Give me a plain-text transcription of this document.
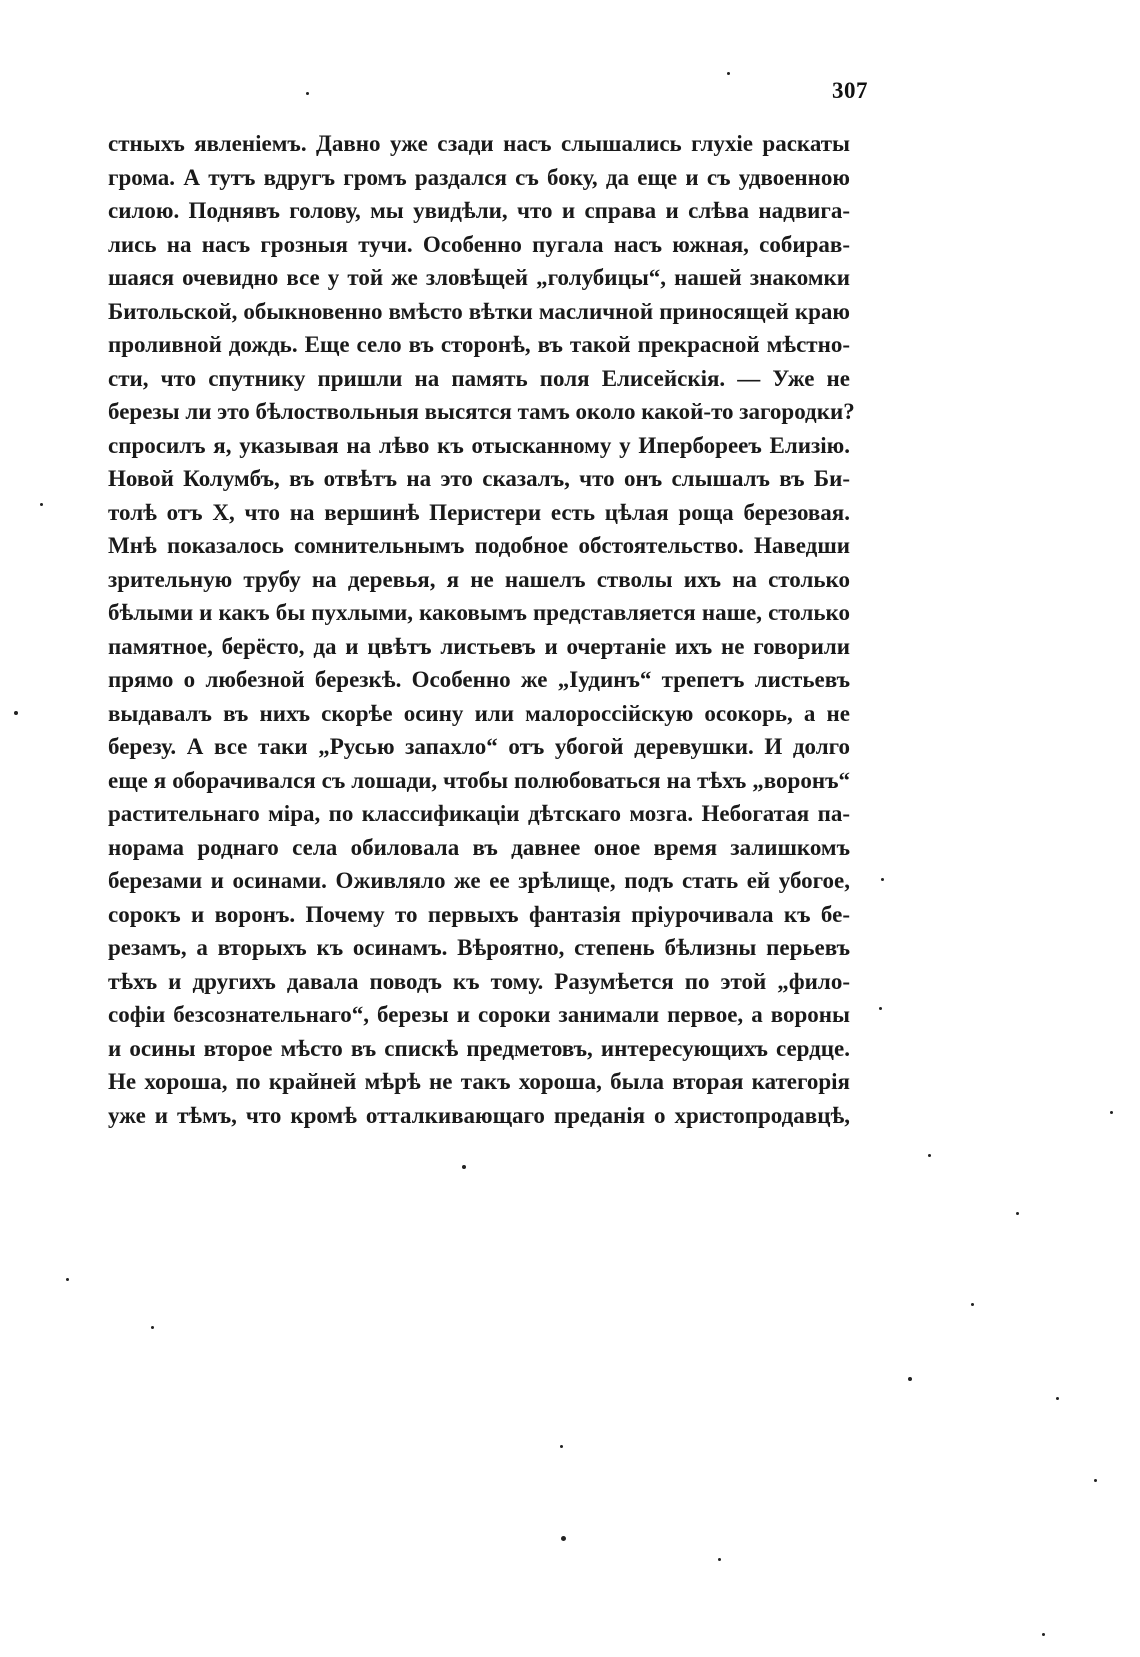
307
стныхъ явленіемъ. Давно уже сзади насъ слышались глухіе раскаты
грома. А тутъ вдругъ громъ раздался съ боку, да еще и съ удвоенною
силою. Поднявъ голову, мы увидѣли, что и справа и слѣва надвига-
лись на насъ грозныя тучи. Особенно пугала насъ южная, собирав-
шаяся очевидно все у той же зловѣщей „голубицы“, нашей знакомки
Битольской, обыкновенно вмѣсто вѣтки масличной приносящей краю
проливной дождь. Еще село въ сторонѣ, въ такой прекрасной мѣстно-
сти, что спутнику пришли на память поля Елисейскія. — Уже не
березы ли это бѣлоствольныя высятся тамъ около какой-то загородки?
спросилъ я, указывая на лѣво къ отысканному у Иперборееъ Елизію.
Новой Колумбъ, въ отвѣтъ на это сказалъ, что онъ слышалъ въ Би-
толѣ отъ X, что на вершинѣ Перистери есть цѣлая роща березовая.
Мнѣ показалось сомнительнымъ подобное обстоятельство. Наведши
зрительную трубу на деревья, я не нашелъ стволы ихъ на столько
бѣлыми и какъ бы пухлыми, каковымъ представляется наше, столько
памятное, берёсто, да и цвѣтъ листьевъ и очертаніе ихъ не говорили
прямо о любезной березкѣ. Особенно же „Іудинъ“ трепетъ листьевъ
выдавалъ въ нихъ скорѣе осину или малороссійскую осокорь, а не
березу. А все таки „Русью запахло“ отъ убогой деревушки. И долго
еще я оборачивался съ лошади, чтобы полюбоваться на тѣхъ „воронъ“
растительнаго міра, по классификаціи дѣтскаго мозга. Небогатая па-
норама роднаго села обиловала въ давнее оное время залишкомъ
березами и осинами. Оживляло же ее зрѣлище, подъ стать ей убогое,
сорокъ и воронъ. Почему то первыхъ фантазія пріурочивала къ бе-
резамъ, а вторыхъ къ осинамъ. Вѣроятно, степень бѣлизны перьевъ
тѣхъ и другихъ давала поводъ къ тому. Разумѣется по этой „фило-
софіи безсознательнаго“, березы и сороки занимали первое, а вороны
и осины второе мѣсто въ спискѣ предметовъ, интересующихъ сердце.
Не хороша, по крайней мѣрѣ не такъ хороша, была вторая категорія
уже и тѣмъ, что кромѣ отталкивающаго преданія о христопродавцѣ,
